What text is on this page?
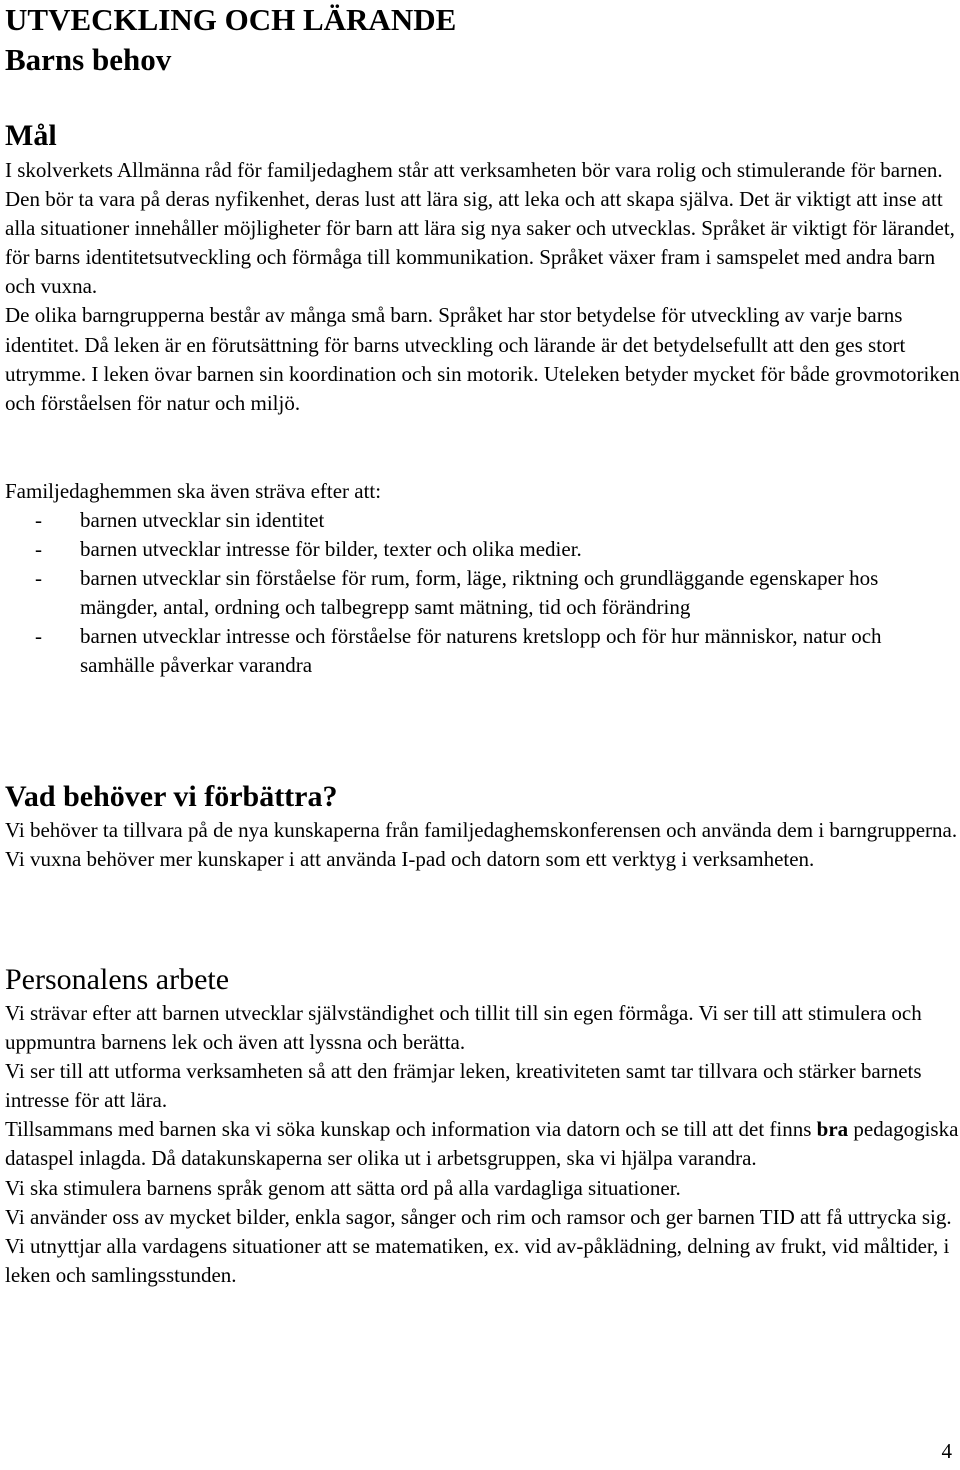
UTVECKLING OCH LÄRANDE
Barns behov
Mål

I skolverkets Allmänna råd för familjedaghem står att verksamheten bör vara rolig och stimulerande för barnen. Den bör ta vara på deras nyfikenhet, deras lust att lära sig, att leka och att skapa själva. Det är viktigt att inse att alla situationer innehåller möjligheter för barn att lära sig nya saker och utvecklas. Språket är viktigt för lärandet, för barns identitetsutveckling och förmåga till kommunikation. Språket växer fram i samspelet med andra barn och vuxna.

De olika barngrupperna består av många små barn. Språket har stor betydelse för utveckling av varje barns identitet. Då leken är en förutsättning för barns utveckling och lärande är det betydelsefullt att den ges stort utrymme. I leken övar barnen sin koordination och sin motorik. Uteleken betyder mycket för både grovmotoriken och förståelsen för natur och miljö.

Familjedaghemmen ska även sträva efter att:
- barnen utvecklar sin identitet
- barnen utvecklar intresse för bilder, texter och olika medier.
- barnen utvecklar sin förståelse för rum, form, läge, riktning och grundläggande egenskaper hos mängder, antal, ordning och talbegrepp samt mätning, tid och förändring
- barnen utvecklar intresse och förståelse för naturens kretslopp och för hur människor, natur och samhälle påverkar varandra
Vad behöver vi förbättra?

Vi behöver ta tillvara på de nya kunskaperna från familjedaghemskonferensen och använda dem i barngrupperna.

Vi vuxna behöver mer kunskaper i att använda I-pad och datorn som ett verktyg i verksamheten.

Personalens arbete

Vi strävar efter att barnen utvecklar självständighet och tillit till sin egen förmåga. Vi ser till att stimulera och uppmuntra barnens lek och även att lyssna och berätta.

Vi ser till att utforma verksamheten så att den främjar leken, kreativiteten samt tar tillvara och stärker barnets intresse för att lära.

Tillsammans med barnen ska vi söka kunskap och information via datorn och se till att det finns bra pedagogiska dataspel inlagda. Då datakunskaperna ser olika ut i arbetsgruppen, ska vi hjälpa varandra.

Vi ska stimulera barnens språk genom att sätta ord på alla vardagliga situationer.

Vi använder oss av mycket bilder, enkla sagor, sånger och rim och ramsor och ger barnen TID att få uttrycka sig.

Vi utnyttjar alla vardagens situationer att se matematiken, ex. vid av-påklädning, delning av frukt, vid måltider, i leken och samlingsstunden.

4
